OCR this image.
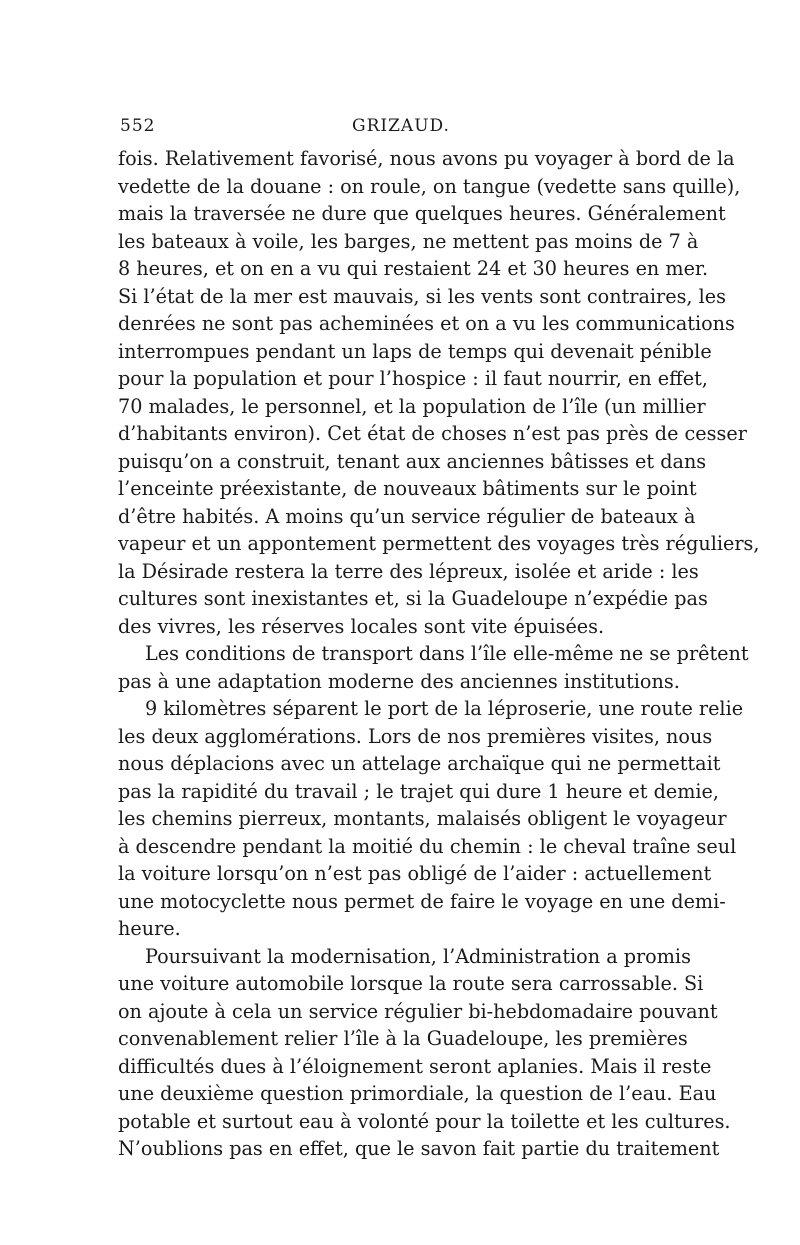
552	GRIZAUD.
fois. Relativement favorisé, nous avons pu voyager à bord de la
vedette de la douane : on roule, on tangue (vedette sans quille),
mais la traversée ne dure que quelques heures. Généralement
les bateaux à voile, les barges, ne mettent pas moins de 7 à
8 heures, et on en a vu qui restaient 24 et 30 heures en mer.
Si l’état de la mer est mauvais, si les vents sont contraires, les
denrées ne sont pas acheminées et on a vu les communications
interrompues pendant un laps de temps qui devenait pénible
pour la population et pour l’hospice : il faut nourrir, en effet,
70 malades, le personnel, et la population de l’île (un millier
d’habitants environ). Cet état de choses n’est pas près de cesser
puisqu’on a construit, tenant aux anciennes bâtisses et dans
l’enceinte préexistante, de nouveaux bâtiments sur le point
d’être habités. A moins qu’un service régulier de bateaux à
vapeur et un appontement permettent des voyages très réguliers,
la Désirade restera la terre des lépreux, isolée et aride : les
cultures sont inexistantes et, si la Guadeloupe n’expédie pas
des vivres, les réserves locales sont vite épuisées.
Les conditions de transport dans l’île elle-même ne se prêtent
pas à une adaptation moderne des anciennes institutions.
9 kilomètres séparent le port de la léproserie, une route relie
les deux agglomérations. Lors de nos premières visites, nous
nous déplacions avec un attelage archaïque qui ne permettait
pas la rapidité du travail ; le trajet qui dure 1 heure et demie,
les chemins pierreux, montants, malaisés obligent le voyageur
à descendre pendant la moitié du chemin : le cheval traîne seul
la voiture lorsqu’on n’est pas obligé de l’aider : actuellement
une motocyclette nous permet de faire le voyage en une demi-
heure.
Poursuivant la modernisation, l’Administration a promis
une voiture automobile lorsque la route sera carrossable. Si
on ajoute à cela un service régulier bi-hebdomadaire pouvant
convenablement relier l’île à la Guadeloupe, les premières
difficultés dues à l’éloignement seront aplanies. Mais il reste
une deuxième question primordiale, la question de l’eau. Eau
potable et surtout eau à volonté pour la toilette et les cultures.
N’oublions pas en effet, que le savon fait partie du traitement
